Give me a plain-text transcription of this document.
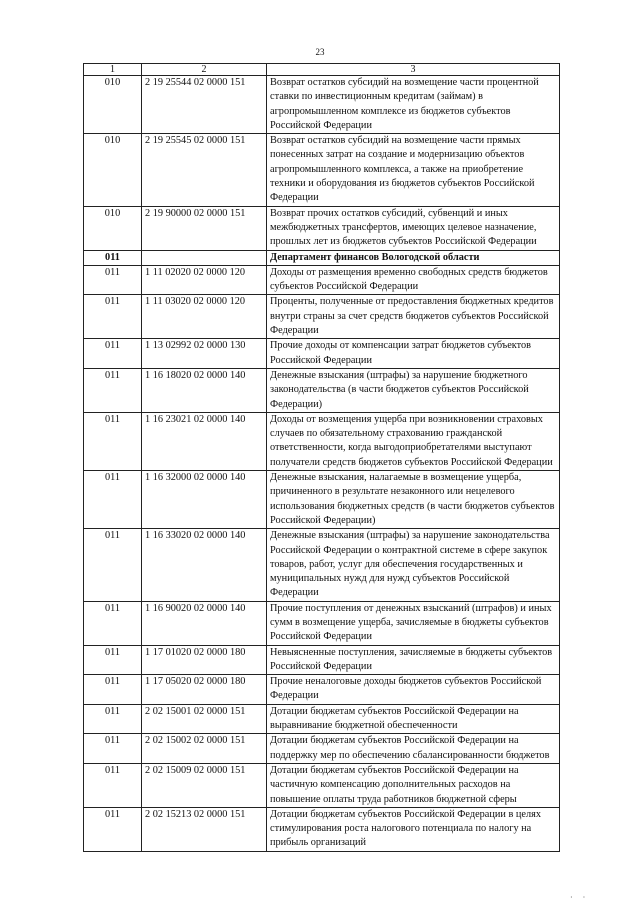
23
1	2	3
010	2 19 25544 02 0000 151	Возврат остатков субсидий на возмещение части процентной ставки по инвестиционным кредитам (займам) в агропромышленном комплексе из бюджетов субъектов Российской Федерации
010	2 19 25545 02 0000 151	Возврат остатков субсидий на возмещение части прямых понесенных затрат на создание и модернизацию объектов агропромышленного комплекса, а также на приобретение техники и оборудования из бюджетов субъектов Российской Федерации
010	2 19 90000 02 0000 151	Возврат прочих остатков субсидий, субвенций и иных межбюджетных трансфертов, имеющих целевое назначение, прошлых лет из бюджетов субъектов Российской Федерации
011		Департамент финансов Вологодской области
011	1 11 02020 02 0000 120	Доходы от размещения временно свободных средств бюджетов субъектов Российской Федерации
011	1 11 03020 02 0000 120	Проценты, полученные от предоставления бюджетных кредитов внутри страны за счет средств бюджетов субъектов Российской Федерации
011	1 13 02992 02 0000 130	Прочие доходы от компенсации затрат бюджетов субъектов Российской Федерации
011	1 16 18020 02 0000 140	Денежные взыскания (штрафы) за нарушение бюджетного законодательства (в части бюджетов субъектов Российской Федерации)
011	1 16 23021 02 0000 140	Доходы от возмещения ущерба при возникновении страховых случаев по обязательному страхованию гражданской ответственности, когда выгодоприобретателями выступают получатели средств бюджетов субъектов Российской Федерации
011	1 16 32000 02 0000 140	Денежные взыскания, налагаемые в возмещение ущерба, причиненного в результате незаконного или нецелевого использования бюджетных средств (в части бюджетов субъектов Российской Федерации)
011	1 16 33020 02 0000 140	Денежные взыскания (штрафы) за нарушение законодательства Российской Федерации о контрактной системе в сфере закупок товаров, работ, услуг для обеспечения государственных и муниципальных нужд для нужд субъектов Российской Федерации
011	1 16 90020 02 0000 140	Прочие поступления от денежных взысканий (штрафов) и иных сумм в возмещение ущерба, зачисляемые в бюджеты субъектов Российской Федерации
011	1 17 01020 02 0000 180	Невыясненные поступления, зачисляемые в бюджеты субъектов Российской Федерации
011	1 17 05020 02 0000 180	Прочие неналоговые доходы бюджетов субъектов Российской Федерации
011	2 02 15001 02 0000 151	Дотации бюджетам субъектов Российской Федерации на выравнивание бюджетной обеспеченности
011	2 02 15002 02 0000 151	Дотации бюджетам субъектов Российской Федерации на поддержку мер по обеспечению сбалансированности бюджетов
011	2 02 15009 02 0000 151	Дотации бюджетам субъектов Российской Федерации на частичную компенсацию дополнительных расходов на повышение оплаты труда работников бюджетной сферы
011	2 02 15213 02 0000 151	Дотации бюджетам субъектов Российской Федерации в целях стимулирования роста налогового потенциала по налогу на прибыль организаций
· ·
